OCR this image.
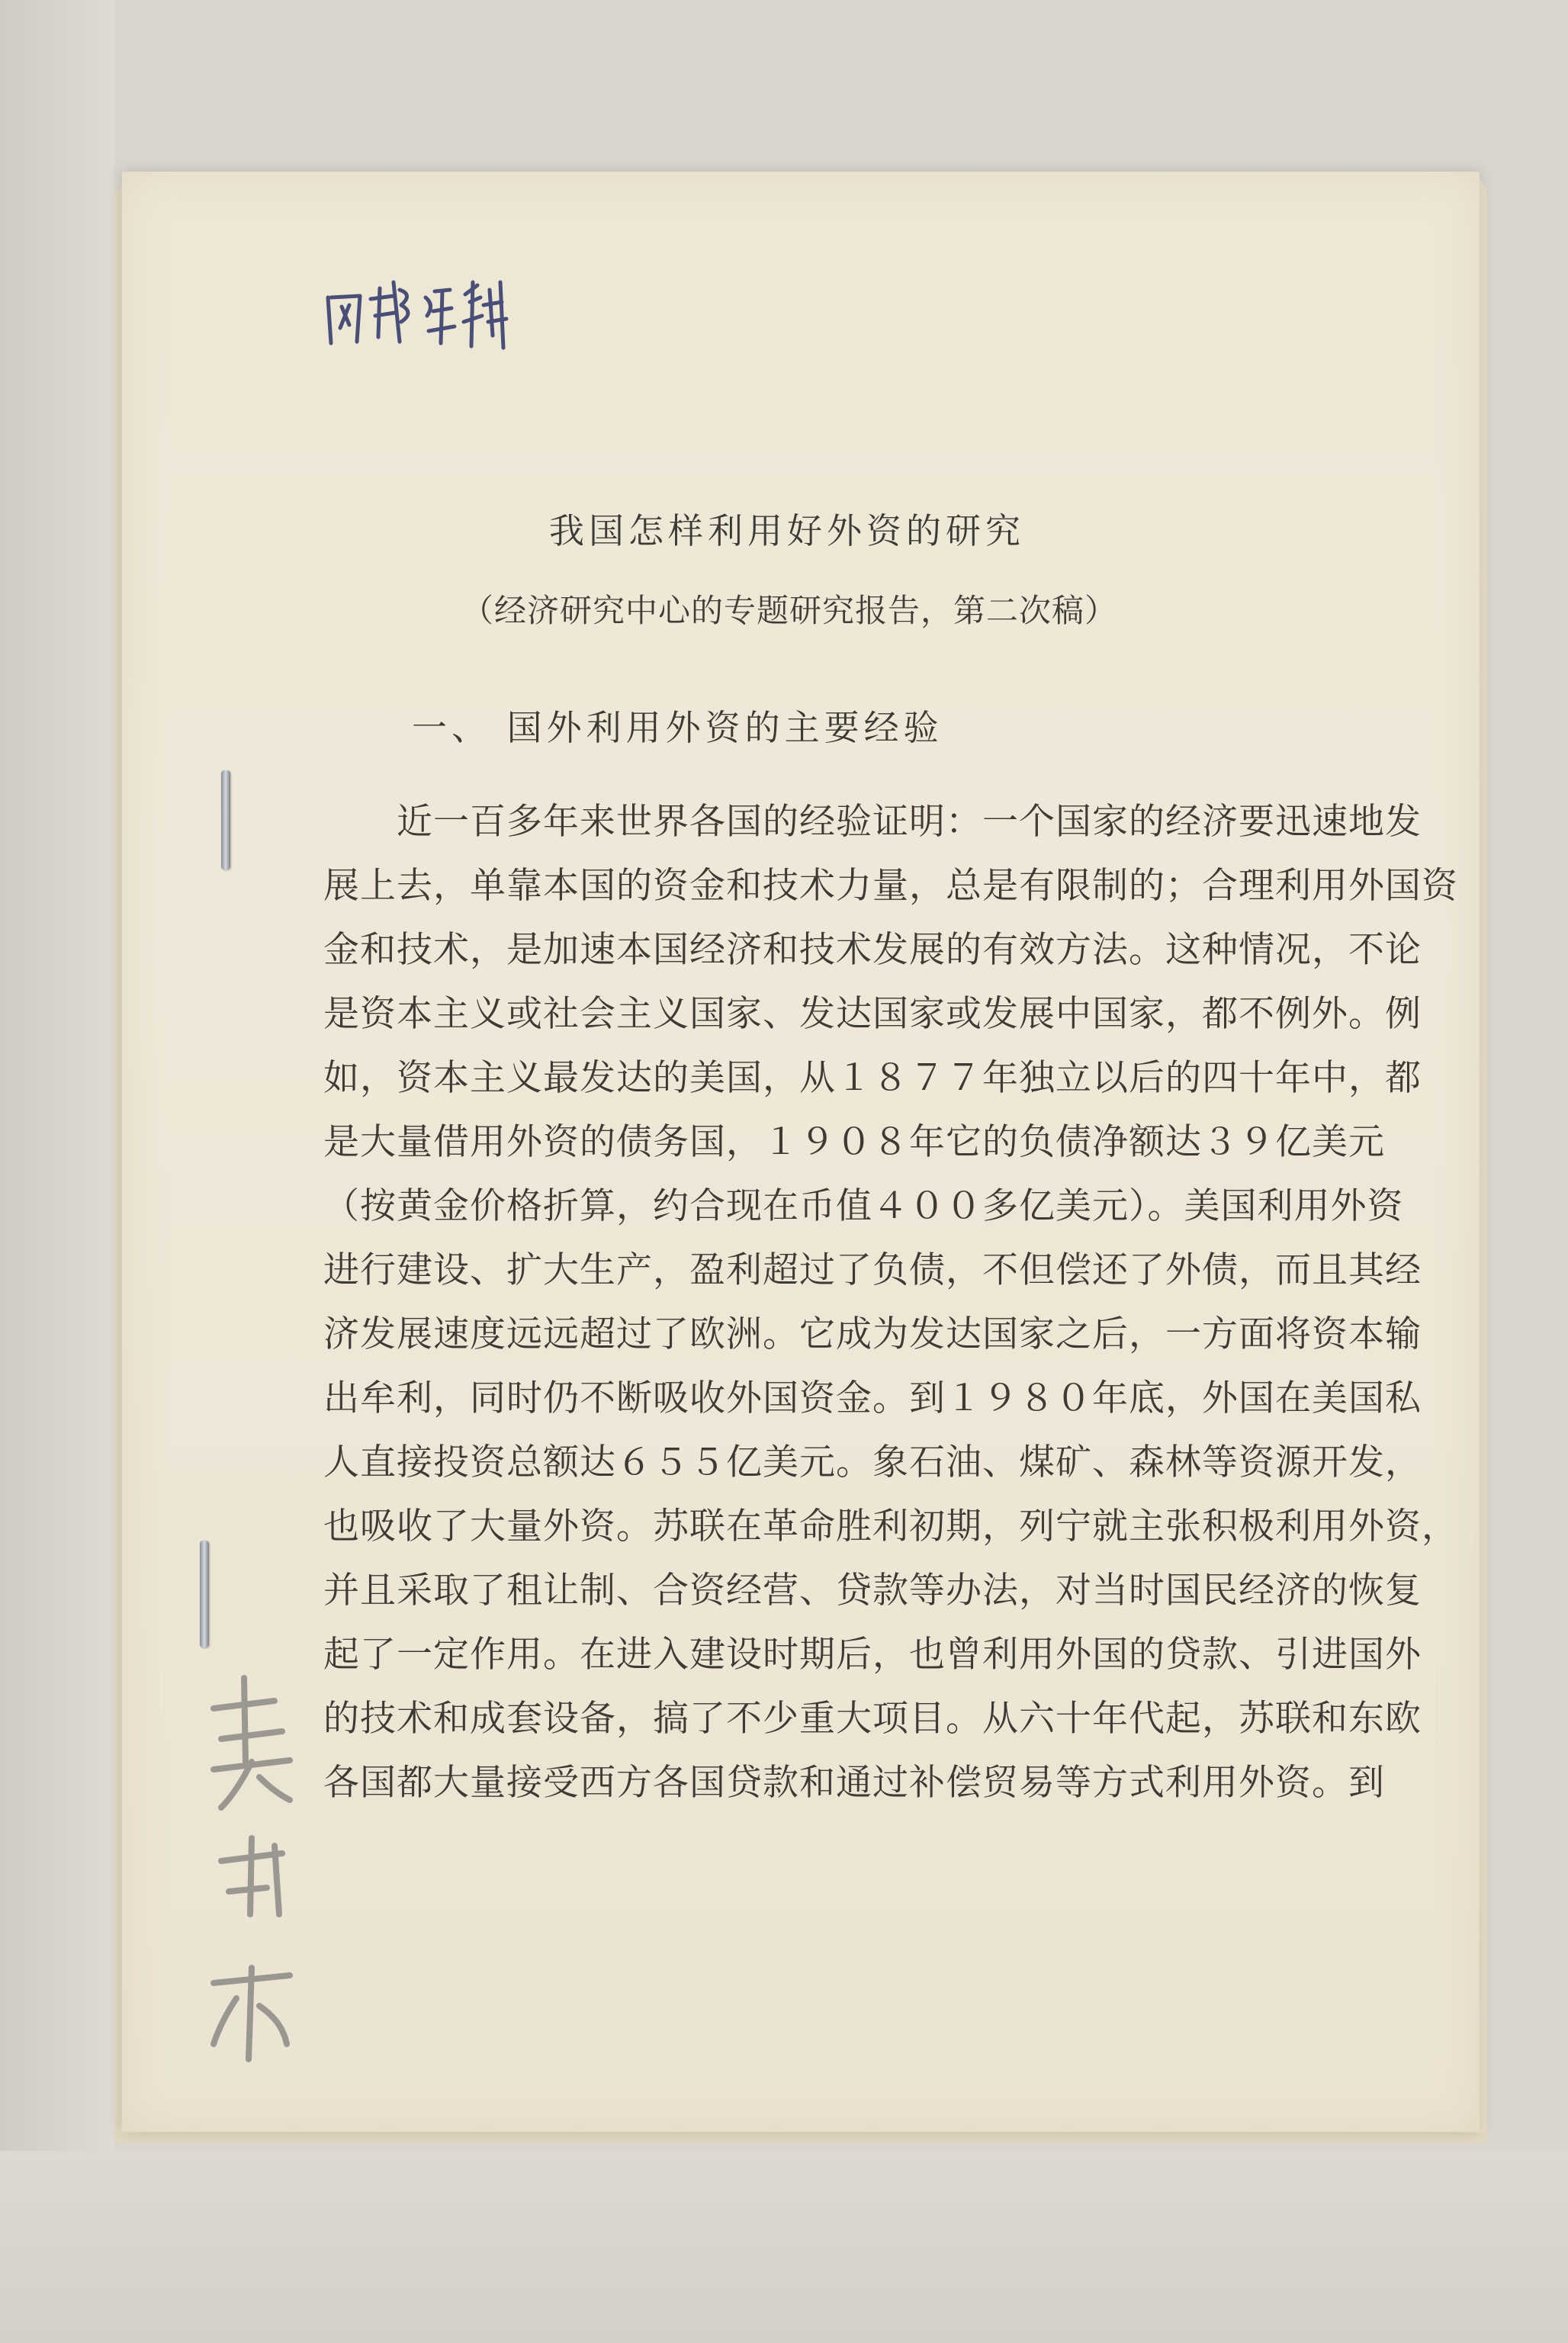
我国怎样利用好外资的研究
（经济研究中心的专题研究报告，第二次稿）
一、 国外利用外资的主要经验
近一百多年来世界各国的经验证明：一个国家的经济要迅速地发
展上去，单靠本国的资金和技术力量，总是有限制的；合理利用外国资
金和技术，是加速本国经济和技术发展的有效方法。这种情况，不论
是资本主义或社会主义国家、发达国家或发展中国家，都不例外。例
如，资本主义最发达的美国，从１８７７年独立以后的四十年中，都
是大量借用外资的债务国，１９０８年它的负债净额达３９亿美元
（按黄金价格折算，约合现在币值４００多亿美元）。美国利用外资
进行建设、扩大生产，盈利超过了负债，不但偿还了外债，而且其经
济发展速度远远超过了欧洲。它成为发达国家之后，一方面将资本输
出牟利，同时仍不断吸收外国资金。到１９８０年底，外国在美国私
人直接投资总额达６５５亿美元。象石油、煤矿、森林等资源开发，
也吸收了大量外资。苏联在革命胜利初期，列宁就主张积极利用外资，
并且采取了租让制、合资经营、贷款等办法，对当时国民经济的恢复
起了一定作用。在进入建设时期后，也曾利用外国的贷款、引进国外
的技术和成套设备，搞了不少重大项目。从六十年代起，苏联和东欧
各国都大量接受西方各国贷款和通过补偿贸易等方式利用外资。到
